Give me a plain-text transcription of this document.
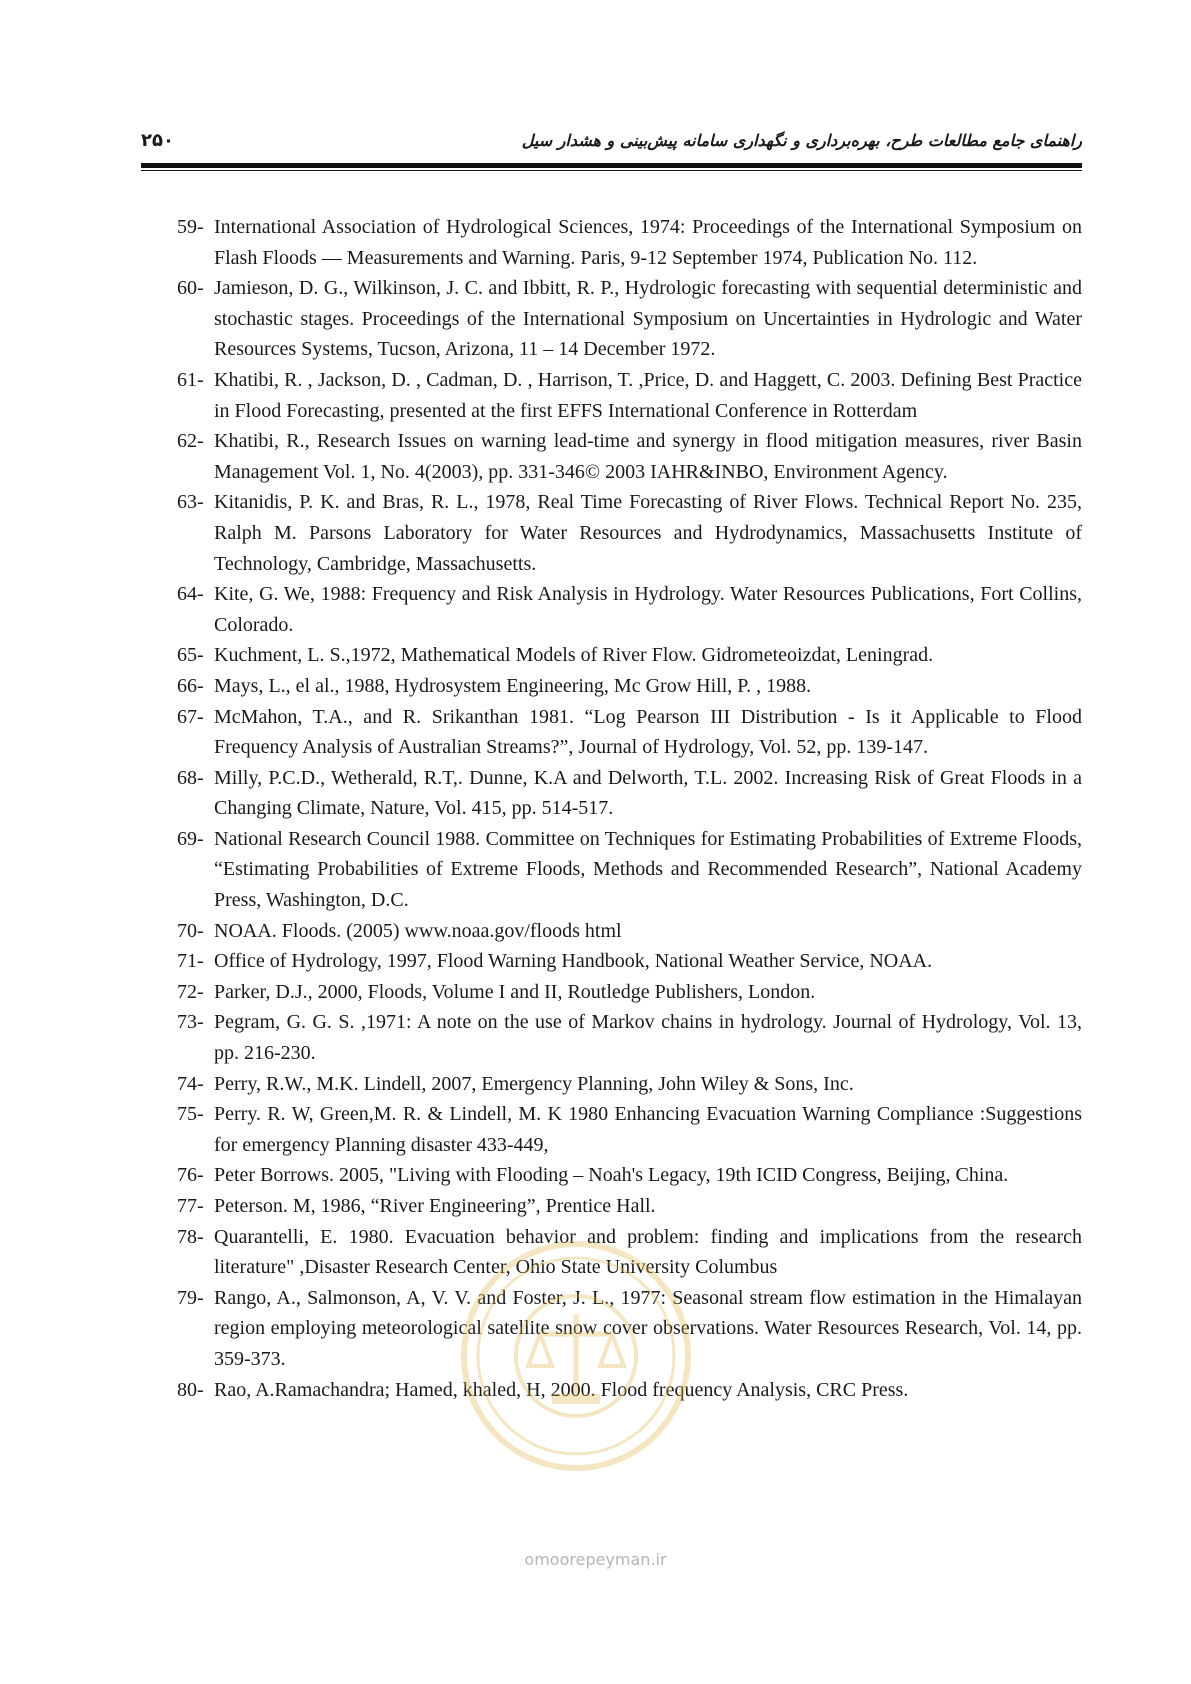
راهنمای جامع مطالعات طرح، بهره‌برداری و نگهداری سامانه پیش‌بینی و هشدار سیل
۲۵۰
59- International Association of Hydrological Sciences, 1974: Proceedings of the International Symposium on Flash Floods — Measurements and Warning. Paris, 9-12 September 1974, Publication No. 112.
60- Jamieson, D. G., Wilkinson, J. C. and Ibbitt, R. P., Hydrologic forecasting with sequential deterministic and stochastic stages. Proceedings of the International Symposium on Uncertainties in Hydrologic and Water Resources Systems, Tucson, Arizona, 11 – 14 December 1972.
61- Khatibi, R. , Jackson, D. , Cadman, D. , Harrison, T. ,Price, D. and Haggett, C. 2003. Defining Best Practice in Flood Forecasting, presented at the first EFFS International Conference in Rotterdam
62- Khatibi, R., Research Issues on warning lead-time and synergy in flood mitigation measures, river Basin Management Vol. 1, No. 4(2003), pp. 331-346© 2003 IAHR&INBO, Environment Agency.
63- Kitanidis, P. K. and Bras, R. L., 1978, Real Time Forecasting of River Flows. Technical Report No. 235, Ralph M. Parsons Laboratory for Water Resources and Hydrodynamics, Massachusetts Institute of Technology, Cambridge, Massachusetts.
64- Kite, G. We, 1988: Frequency and Risk Analysis in Hydrology. Water Resources Publications, Fort Collins, Colorado.
65- Kuchment, L. S.,1972, Mathematical Models of River Flow. Gidrometeoizdat, Leningrad.
66- Mays, L., el al., 1988, Hydrosystem Engineering, Mc Grow Hill, P. , 1988.
67- McMahon, T.A., and R. Srikanthan 1981. “Log Pearson III Distribution - Is it Applicable to Flood Frequency Analysis of Australian Streams?”, Journal of Hydrology, Vol. 52, pp. 139-147.
68- Milly, P.C.D., Wetherald, R.T,. Dunne, K.A and Delworth, T.L. 2002. Increasing Risk of Great Floods in a Changing Climate, Nature, Vol. 415, pp. 514-517.
69- National Research Council 1988. Committee on Techniques for Estimating Probabilities of Extreme Floods, “Estimating Probabilities of Extreme Floods, Methods and Recommended Research”, National Academy Press, Washington, D.C.
70- NOAA. Floods. (2005) www.noaa.gov/floods html
71- Office of Hydrology, 1997, Flood Warning Handbook, National Weather Service, NOAA.
72- Parker, D.J., 2000, Floods, Volume I and II, Routledge Publishers, London.
73- Pegram, G. G. S. ,1971: A note on the use of Markov chains in hydrology. Journal of Hydrology, Vol. 13, pp. 216-230.
74- Perry, R.W., M.K. Lindell, 2007, Emergency Planning, John Wiley & Sons, Inc.
75- Perry. R. W, Green,M. R. & Lindell, M. K 1980 Enhancing Evacuation Warning Compliance :Suggestions for emergency Planning disaster 433-449,
76- Peter Borrows. 2005, "Living with Flooding – Noah's Legacy, 19th ICID Congress, Beijing, China.
77- Peterson. M, 1986, “River Engineering”, Prentice Hall.
78- Quarantelli, E. 1980. Evacuation behavior and problem: finding and implications from the research literature" ,Disaster Research Center, Ohio State University Columbus
79- Rango, A., Salmonson, A, V. V. and Foster, J. L., 1977: Seasonal stream flow estimation in the Himalayan region employing meteorological satellite snow cover observations. Water Resources Research, Vol. 14, pp. 359-373.
80- Rao, A.Ramachandra; Hamed, khaled, H, 2000. Flood frequency Analysis, CRC Press.
omoorepeyman.ir
